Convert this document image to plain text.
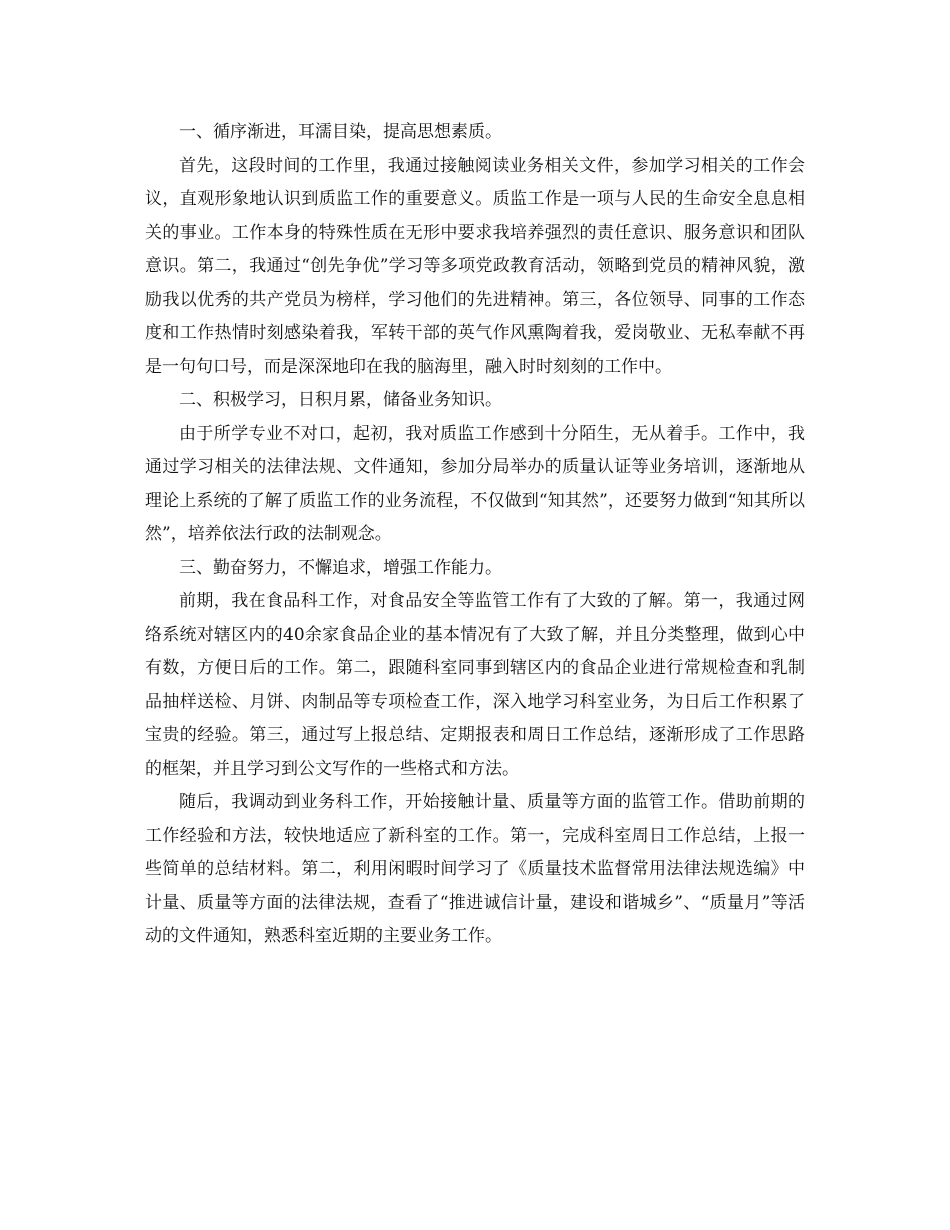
一、循序渐进，耳濡目染，提高思想素质。

首先，这段时间的工作里，我通过接触阅读业务相关文件，参加学习相关的工作会议，直观形象地认识到质监工作的重要意义。质监工作是一项与人民的生命安全息息相关的事业。工作本身的特殊性质在无形中要求我培养强烈的责任意识、服务意识和团队意识。第二，我通过“创先争优”学习等多项党政教育活动，领略到党员的精神风貌，激励我以优秀的共产党员为榜样，学习他们的先进精神。第三，各位领导、同事的工作态度和工作热情时刻感染着我，军转干部的英气作风熏陶着我，爱岗敬业、无私奉献不再是一句句口号，而是深深地印在我的脑海里，融入时时刻刻的工作中。

二、积极学习，日积月累，储备业务知识。

由于所学专业不对口，起初，我对质监工作感到十分陌生，无从着手。工作中，我通过学习相关的法律法规、文件通知，参加分局举办的质量认证等业务培训，逐渐地从理论上系统的了解了质监工作的业务流程，不仅做到“知其然”，还要努力做到“知其所以然”，培养依法行政的法制观念。

三、勤奋努力，不懈追求，增强工作能力。

前期，我在食品科工作，对食品安全等监管工作有了大致的了解。第一，我通过网络系统对辖区内的40余家食品企业的基本情况有了大致了解，并且分类整理，做到心中有数，方便日后的工作。第二，跟随科室同事到辖区内的食品企业进行常规检查和乳制品抽样送检、月饼、肉制品等专项检查工作，深入地学习科室业务，为日后工作积累了宝贵的经验。第三，通过写上报总结、定期报表和周日工作总结，逐渐形成了工作思路的框架，并且学习到公文写作的一些格式和方法。

随后，我调动到业务科工作，开始接触计量、质量等方面的监管工作。借助前期的工作经验和方法，较快地适应了新科室的工作。第一，完成科室周日工作总结，上报一些简单的总结材料。第二，利用闲暇时间学习了《质量技术监督常用法律法规选编》中计量、质量等方面的法律法规，查看了“推进诚信计量，建设和谐城乡”、“质量月”等活动的文件通知，熟悉科室近期的主要业务工作。
